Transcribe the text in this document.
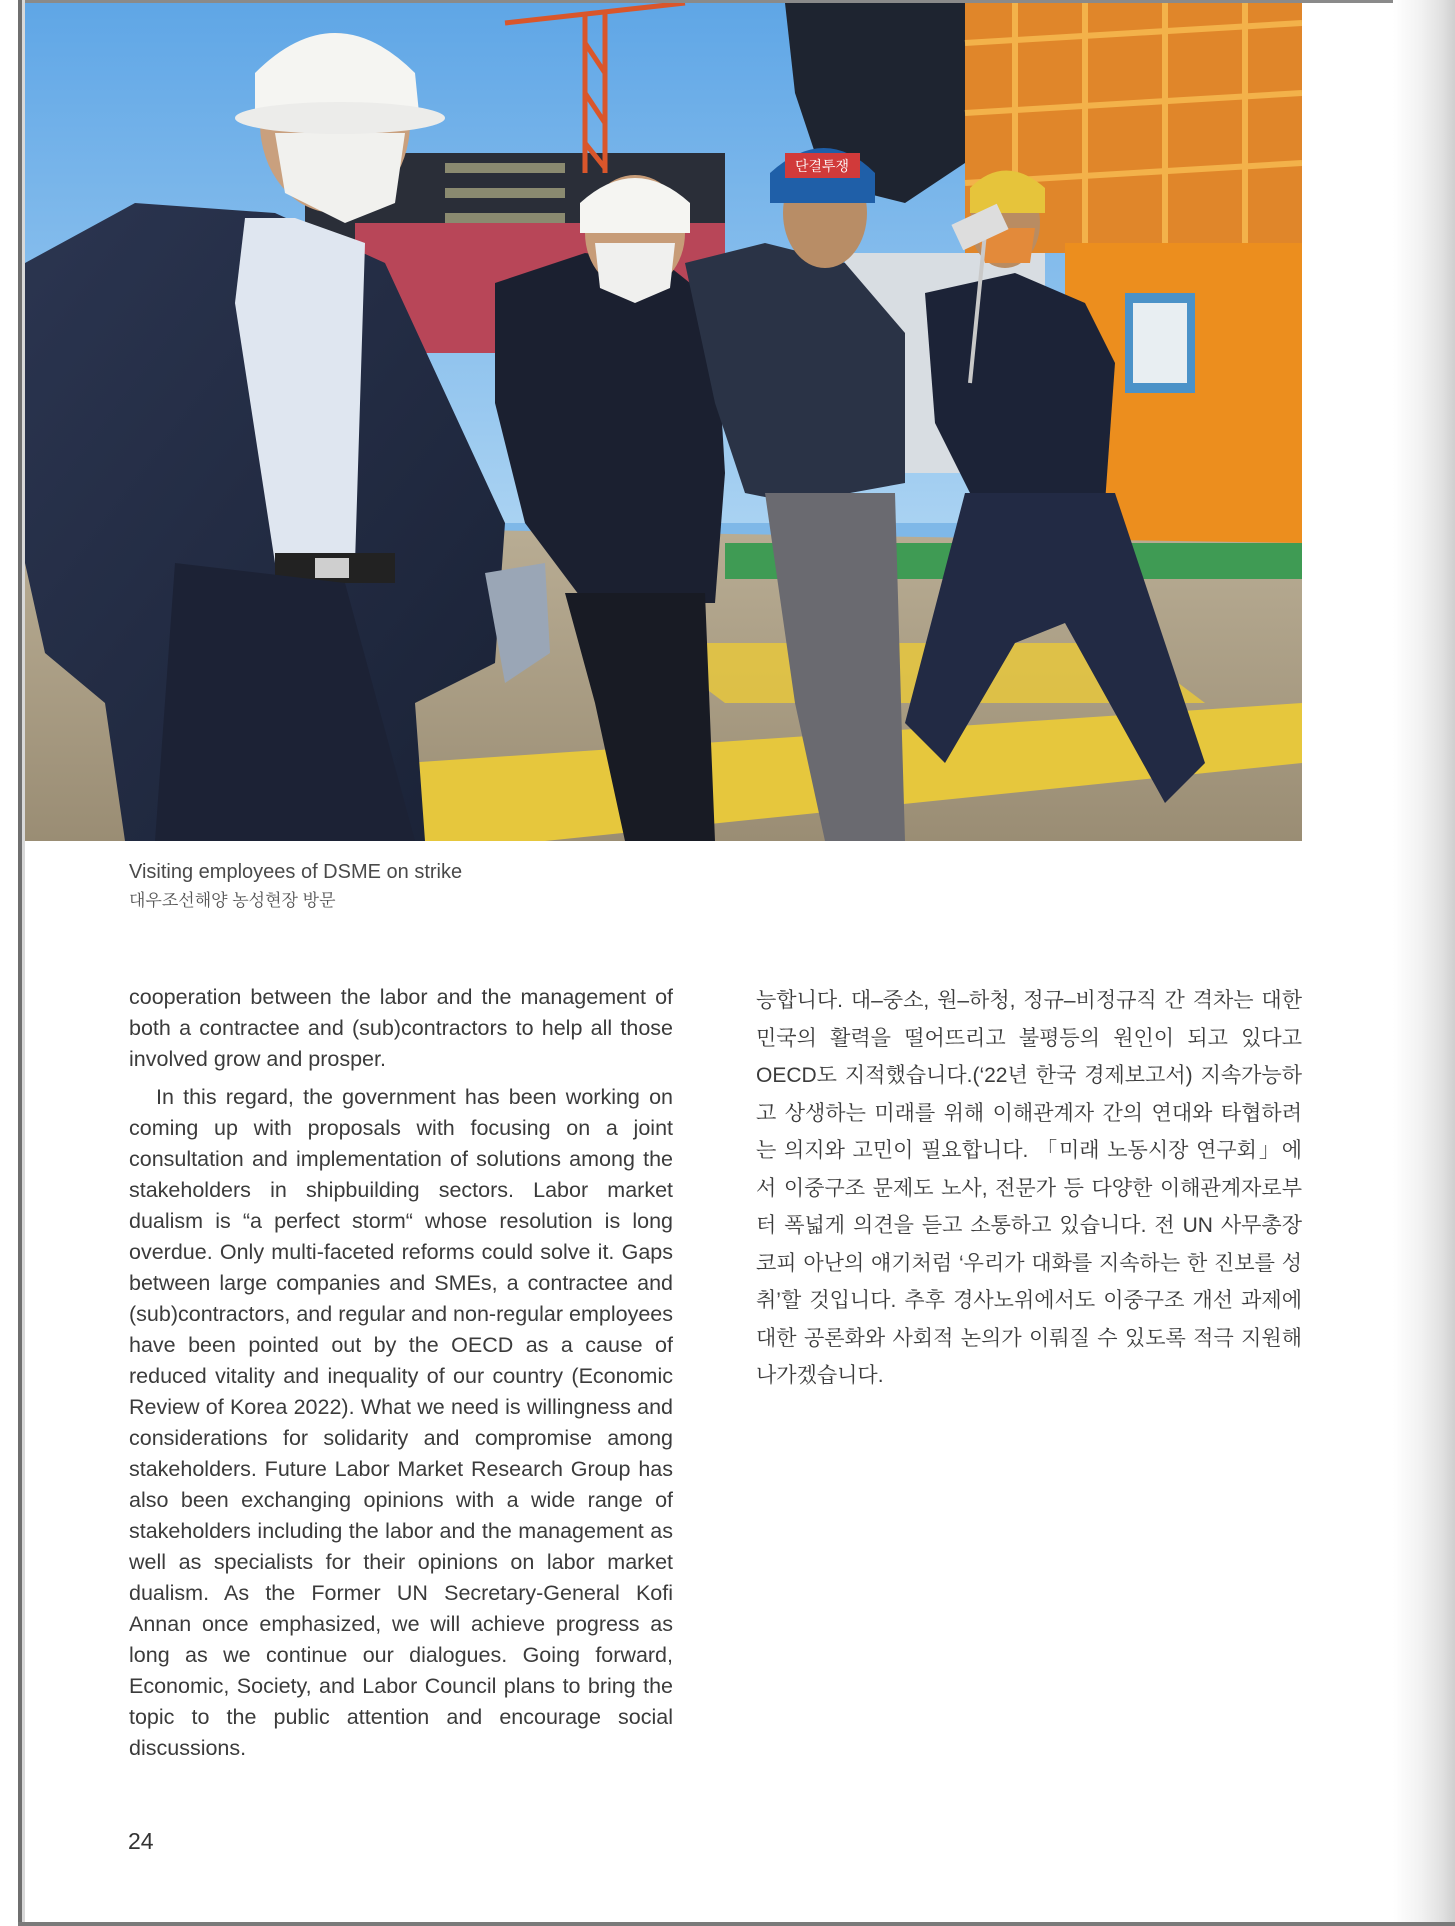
단결투쟁
Visiting employees of DSME on strike
대우조선해양 농성현장 방문

cooperation between the labor and the management of both a contractee and (sub)contractors to help all those involved grow and prosper.

In this regard, the government has been working on coming up with proposals with focusing on a joint consultation and implementation of solutions among the stakeholders in shipbuilding sectors. Labor market dualism is “a perfect storm“ whose resolution is long overdue. Only multi-faceted reforms could solve it. Gaps between large companies and SMEs, a contractee and (sub)contractors, and regular and non-regular employees have been pointed out by the OECD as a cause of reduced vitality and inequality of our country (Economic Review of Korea 2022). What we need is willingness and considerations for solidarity and compromise among stakeholders. Future Labor Market Research Group has also been exchanging opinions with a wide range of stakeholders including the labor and the management as well as specialists for their opinions on labor market dualism. As the Former UN Secretary-General Kofi Annan once emphasized, we will achieve progress as long as we continue our dialogues. Going forward, Economic, Society, and Labor Council plans to bring the topic to the public attention and encourage social discussions.

능합니다. 대–중소, 원–하청, 정규–비정규직 간 격차는 대한민국의 활력을 떨어뜨리고 불평등의 원인이 되고 있다고 OECD도 지적했습니다.(‘22년 한국 경제보고서) 지속가능하고 상생하는 미래를 위해 이해관계자 간의 연대와 타협하려는 의지와 고민이 필요합니다. 「미래 노동시장 연구회」에서 이중구조 문제도 노사, 전문가 등 다양한 이해관계자로부터 폭넓게 의견을 듣고 소통하고 있습니다. 전 UN 사무총장 코피 아난의 얘기처럼 ‘우리가 대화를 지속하는 한 진보를 성취’할 것입니다. 추후 경사노위에서도 이중구조 개선 과제에 대한 공론화와 사회적 논의가 이뤄질 수 있도록 적극 지원해 나가겠습니다.

24
